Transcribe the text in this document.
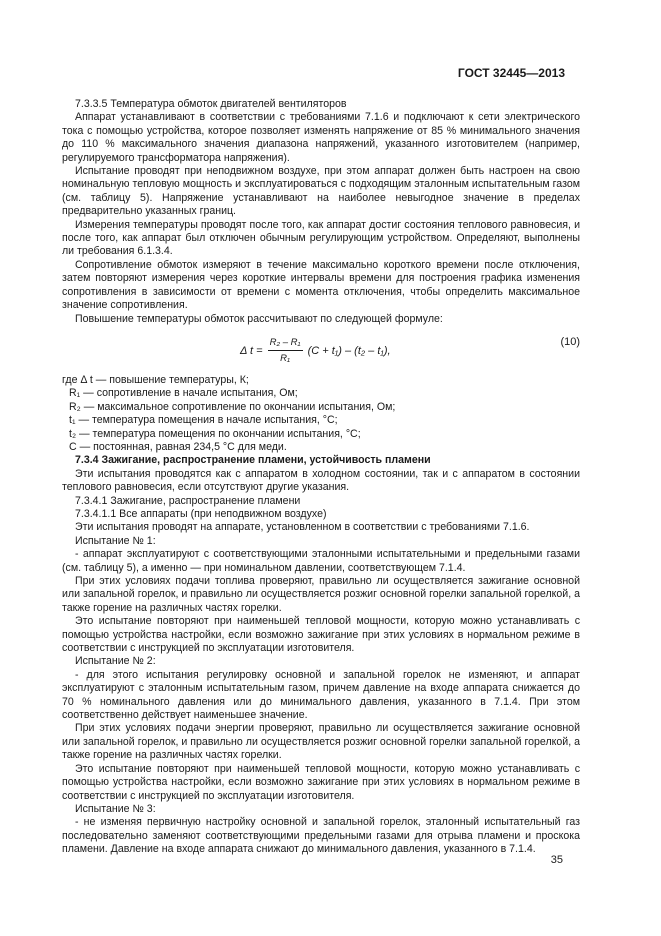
ГОСТ 32445—2013

7.3.3.5 Температура обмоток двигателей вентиляторов

Аппарат устанавливают в соответствии с требованиями 7.1.6 и подключают к сети электрического тока с помощью устройства, которое позволяет изменять напряжение от 85 % минимального значения до 110 % максимального значения диапазона напряжений, указанного изготовителем (например, регулируемого трансформатора напряжения).

Испытание проводят при неподвижном воздухе, при этом аппарат должен быть настроен на свою номинальную тепловую мощность и эксплуатироваться с подходящим эталонным испытательным газом (см. таблицу 5). Напряжение устанавливают на наиболее невыгодное значение в пределах предварительно указанных границ.

Измерения температуры проводят после того, как аппарат достиг состояния теплового равновесия, и после того, как аппарат был отключен обычным регулирующим устройством. Определяют, выполнены ли требования 6.1.3.4.

Сопротивление обмоток измеряют в течение максимально короткого времени после отключения, затем повторяют измерения через короткие интервалы времени для построения графика изменения сопротивления в зависимости от времени с момента отключения, чтобы определить максимальное значение сопротивления.

Повышение температуры обмоток рассчитывают по следующей формуле:

Δ $t = \frac{\text{R₂ – R₁}}{\text{R₁}} (C + t_1) - (t_2 - t_1)$,
(10)

где Δ t — повышение температуры, К;

R₁ — сопротивление в начале испытания, Ом;

R₂ — максимальное сопротивление по окончании испытания, Ом;

t₁ — температура помещения в начале испытания, °C;

t₂ — температура помещения по окончании испытания, °C;

C — постоянная, равная 234,5 °C для меди.

7.3.4 Зажигание, распространение пламени, устойчивость пламени

Эти испытания проводятся как с аппаратом в холодном состоянии, так и с аппаратом в состоянии теплового равновесия, если отсутствуют другие указания.

7.3.4.1 Зажигание, распространение пламени

7.3.4.1.1 Все аппараты (при неподвижном воздухе)

Эти испытания проводят на аппарате, установленном в соответствии с требованиями 7.1.6.

Испытание № 1:

- аппарат эксплуатируют с соответствующими эталонными испытательными и предельными газами (см. таблицу 5), а именно — при номинальном давлении, соответствующем 7.1.4.

При этих условиях подачи топлива проверяют, правильно ли осуществляется зажигание основной или запальной горелок, и правильно ли осуществляется розжиг основной горелки запальной горелкой, а также горение на различных частях горелки.

Это испытание повторяют при наименьшей тепловой мощности, которую можно устанавливать с помощью устройства настройки, если возможно зажигание при этих условиях в нормальном режиме в соответствии с инструкцией по эксплуатации изготовителя.

Испытание № 2:

- для этого испытания регулировку основной и запальной горелок не изменяют, и аппарат эксплуатируют с эталонным испытательным газом, причем давление на входе аппарата снижается до 70 % номинального давления или до минимального давления, указанного в 7.1.4. При этом соответственно действует наименьшее значение.

При этих условиях подачи энергии проверяют, правильно ли осуществляется зажигание основной или запальной горелок, и правильно ли осуществляется розжиг основной горелки запальной горелкой, а также горение на различных частях горелки.

Это испытание повторяют при наименьшей тепловой мощности, которую можно устанавливать с помощью устройства настройки, если возможно зажигание при этих условиях в нормальном режиме в соответствии с инструкцией по эксплуатации изготовителя.

Испытание № 3:

- не изменяя первичную настройку основной и запальной горелок, эталонный испытательный газ последовательно заменяют соответствующими предельными газами для отрыва пламени и проскока пламени. Давление на входе аппарата снижают до минимального давления, указанного в 7.1.4.

35
